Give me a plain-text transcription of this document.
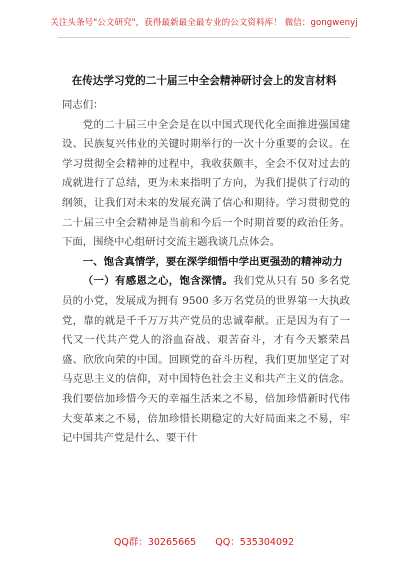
关注头条号"公文研究"，获得最新最全最专业的公文资料库！ 微信：gongwenyj
在传达学习党的二十届三中全会精神研讨会上的发言材料

同志们：

党的二十届三中全会是在以中国式现代化全面推进强国建设、民族复兴伟业的关键时期举行的一次十分重要的会议。在学习贯彻全会精神的过程中，我收获颇丰，全会不仅对过去的成就进行了总结，更为未来指明了方向，为我们提供了行动的纲领，让我们对未来的发展充满了信心和期待。学习贯彻党的二十届三中全会精神是当前和今后一个时期首要的政治任务。下面，围绕中心组研讨交流主题我谈几点体会。

一、饱含真情学，要在深学细悟中学出更强劲的精神动力

（一）有感恩之心，饱含深情。我们党从只有 50 多名党员的小党，发展成为拥有 9500 多万名党员的世界第一大执政党，靠的就是千千万万共产党员的忠诚奉献。正是因为有了一代又一代共产党人的浴血奋战、艰苦奋斗，才有今天繁荣昌盛、欣欣向荣的中国。回顾党的奋斗历程，我们更加坚定了对马克思主义的信仰，对中国特色社会主义和共产主义的信念。我们要倍加珍惜今天的幸福生活来之不易，倍加珍惜新时代伟大变革来之不易，倍加珍惜长期稳定的大好局面来之不易，牢记中国共产党是什么、要干什

QQ群：30265665 QQ：535304092
